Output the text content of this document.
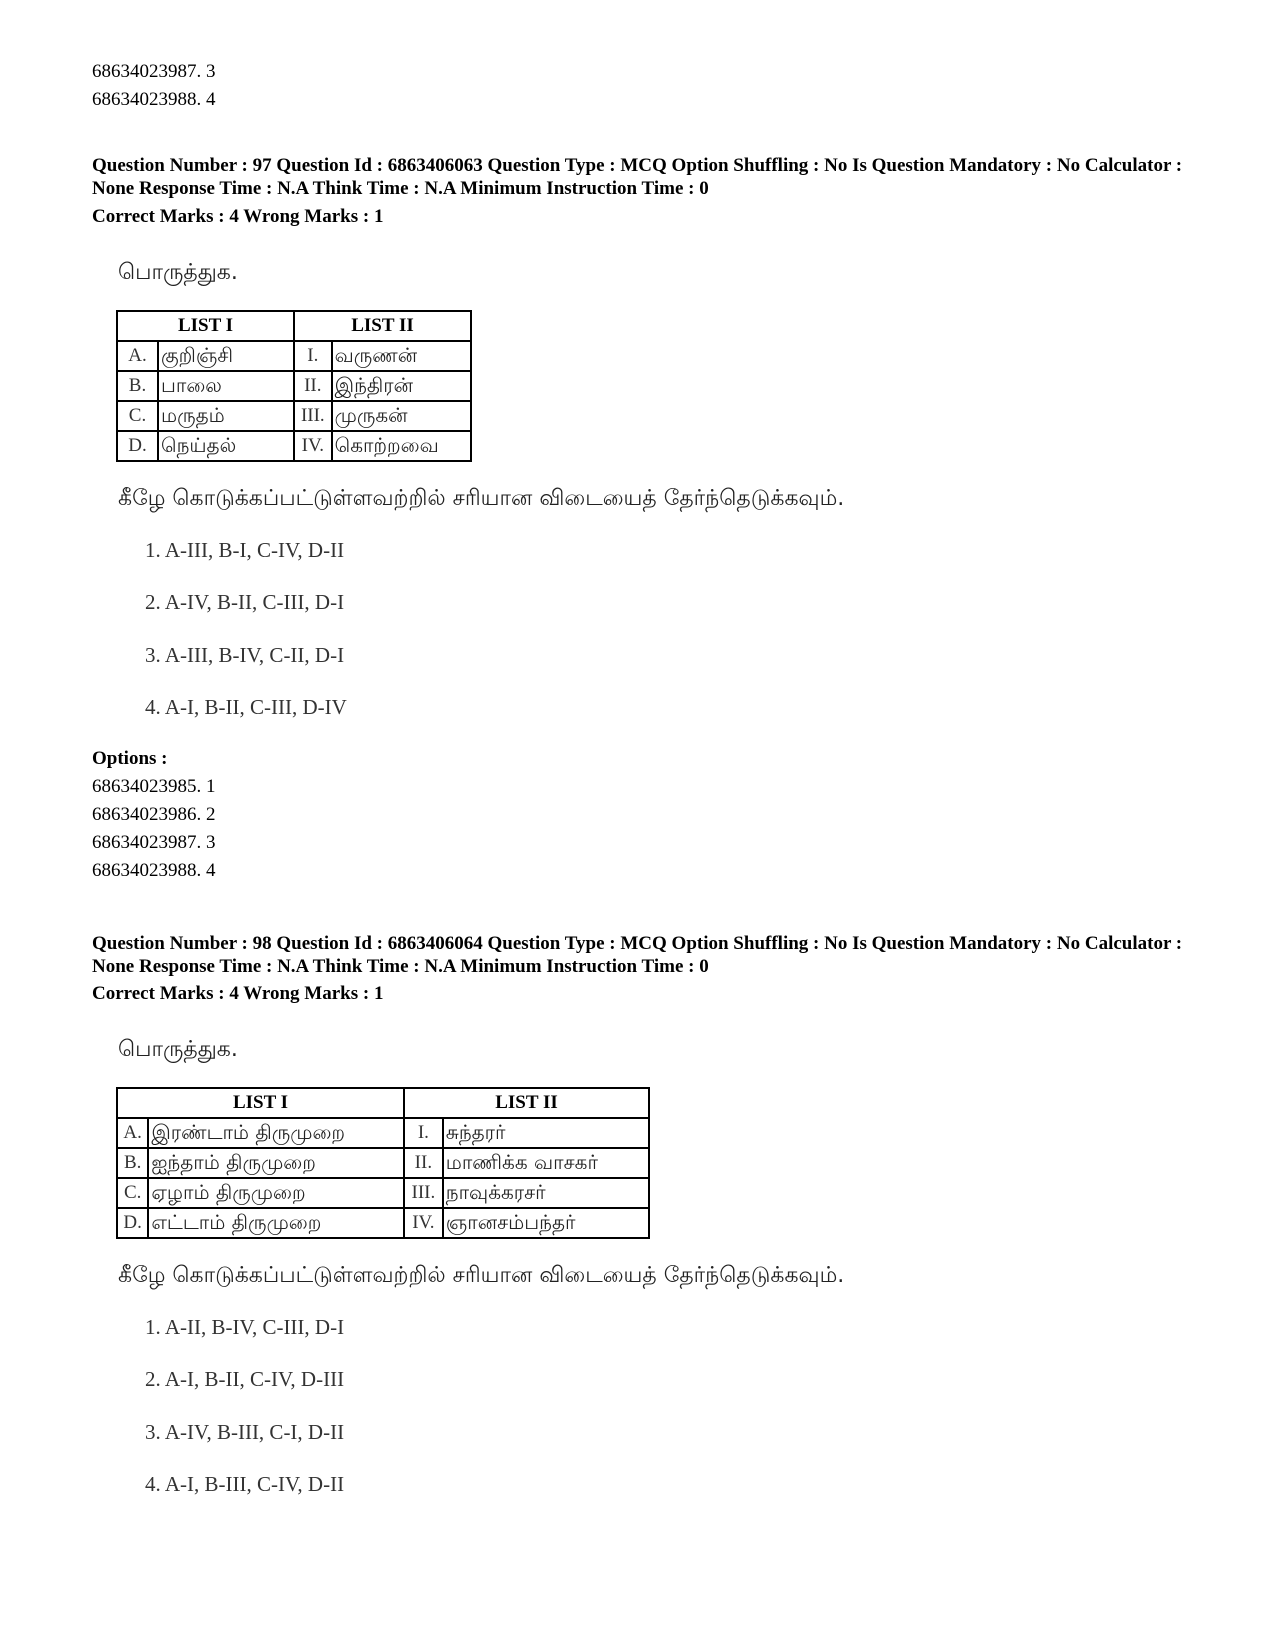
68634023987. 3
68634023988. 4
Question Number : 97 Question Id : 6863406063 Question Type : MCQ Option Shuffling : No Is Question Mandatory : No Calculator : None Response Time : N.A Think Time : N.A Minimum Instruction Time : 0
Correct Marks : 4 Wrong Marks : 1
பொருத்துக.
LIST I		LIST II	
A.	குறிஞ்சி	I.	வருணன்
B.	பாலை	II.	இந்திரன்
C.	மருதம்	III.	முருகன்
D.	நெய்தல்	IV.	கொற்றவை
கீழே கொடுக்கப்பட்டுள்ளவற்றில் சரியான விடையைத் தேர்ந்தெடுக்கவும்.
1. A-III, B-I, C-IV, D-II
2. A-IV, B-II, C-III, D-I
3. A-III, B-IV, C-II, D-I
4. A-I, B-II, C-III, D-IV
Options :
68634023985. 1
68634023986. 2
68634023987. 3
68634023988. 4
Question Number : 98 Question Id : 6863406064 Question Type : MCQ Option Shuffling : No Is Question Mandatory : No Calculator : None Response Time : N.A Think Time : N.A Minimum Instruction Time : 0
Correct Marks : 4 Wrong Marks : 1
பொருத்துக.
LIST I		LIST II	
A.	இரண்டாம் திருமுறை	I.	சுந்தரர்
B.	ஐந்தாம் திருமுறை	II.	மாணிக்க வாசகர்
C.	ஏழாம் திருமுறை	III.	நாவுக்கரசர்
D.	எட்டாம் திருமுறை	IV.	ஞானசம்பந்தர்
கீழே கொடுக்கப்பட்டுள்ளவற்றில் சரியான விடையைத் தேர்ந்தெடுக்கவும்.
1. A-II, B-IV, C-III, D-I
2. A-I, B-II, C-IV, D-III
3. A-IV, B-III, C-I, D-II
4. A-I, B-III, C-IV, D-II
